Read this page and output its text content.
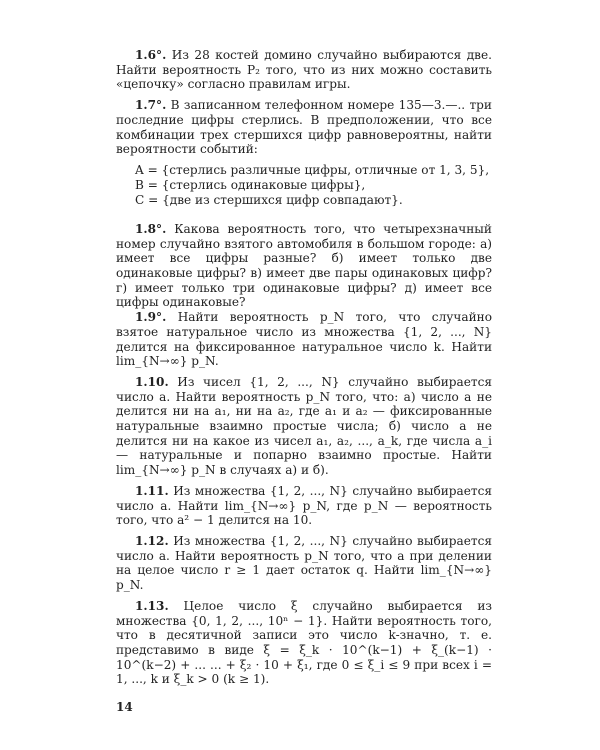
1.6°. Из 28 костей домино случайно выбираются две. Найти вероятность P₂ того, что из них можно составить «цепочку» согласно правилам игры.

1.7°. В записанном телефонном номере 135—3.—.. три последние цифры стерлись. В предположении, что все комбинации трех стершихся цифр равновероятны, найти вероятности событий:

A = {стерлись различные цифры, отличные от 1, 3, 5},
B = {стерлись одинаковые цифры},
C = {две из стершихся цифр совпадают}.

1.8°. Какова вероятность того, что четырехзначный номер случайно взятого автомобиля в большом городе: а) имеет все цифры разные? б) имеет только две одинаковые цифры? в) имеет две пары одинаковых цифр? г) имеет только три одинаковые цифры? д) имеет все цифры одинаковые?

1.9°. Найти вероятность p_N того, что случайно взятое натуральное число из множества {1, 2, ..., N} делится на фиксированное натуральное число k. Найти lim_{N→∞} p_N.

1.10. Из чисел {1, 2, ..., N} случайно выбирается число a. Найти вероятность p_N того, что: а) число a не делится ни на a₁, ни на a₂, где a₁ и a₂ — фиксированные натуральные взаимно простые числа; б) число a не делится ни на какое из чисел a₁, a₂, ..., a_k, где числа a_i — натуральные и попарно взаимно простые. Найти lim_{N→∞} p_N в случаях а) и б).

1.11. Из множества {1, 2, ..., N} случайно выбирается число a. Найти lim_{N→∞} p_N, где p_N — вероятность того, что a² − 1 делится на 10.

1.12. Из множества {1, 2, ..., N} случайно выбирается число a. Найти вероятность p_N того, что a при делении на целое число r ≥ 1 дает остаток q. Найти lim_{N→∞} p_N.

1.13. Целое число ξ случайно выбирается из множества {0, 1, 2, ..., 10ⁿ − 1}. Найти вероятность того, что в десятичной записи это число k-значно, т. е. представимо в виде ξ = ξ_k · 10^(k−1) + ξ_(k−1) · 10^(k−2) + ... ... + ξ₂ · 10 + ξ₁, где 0 ≤ ξ_i ≤ 9 при всех i = 1, ..., k и ξ_k > 0 (k ≥ 1).

14
